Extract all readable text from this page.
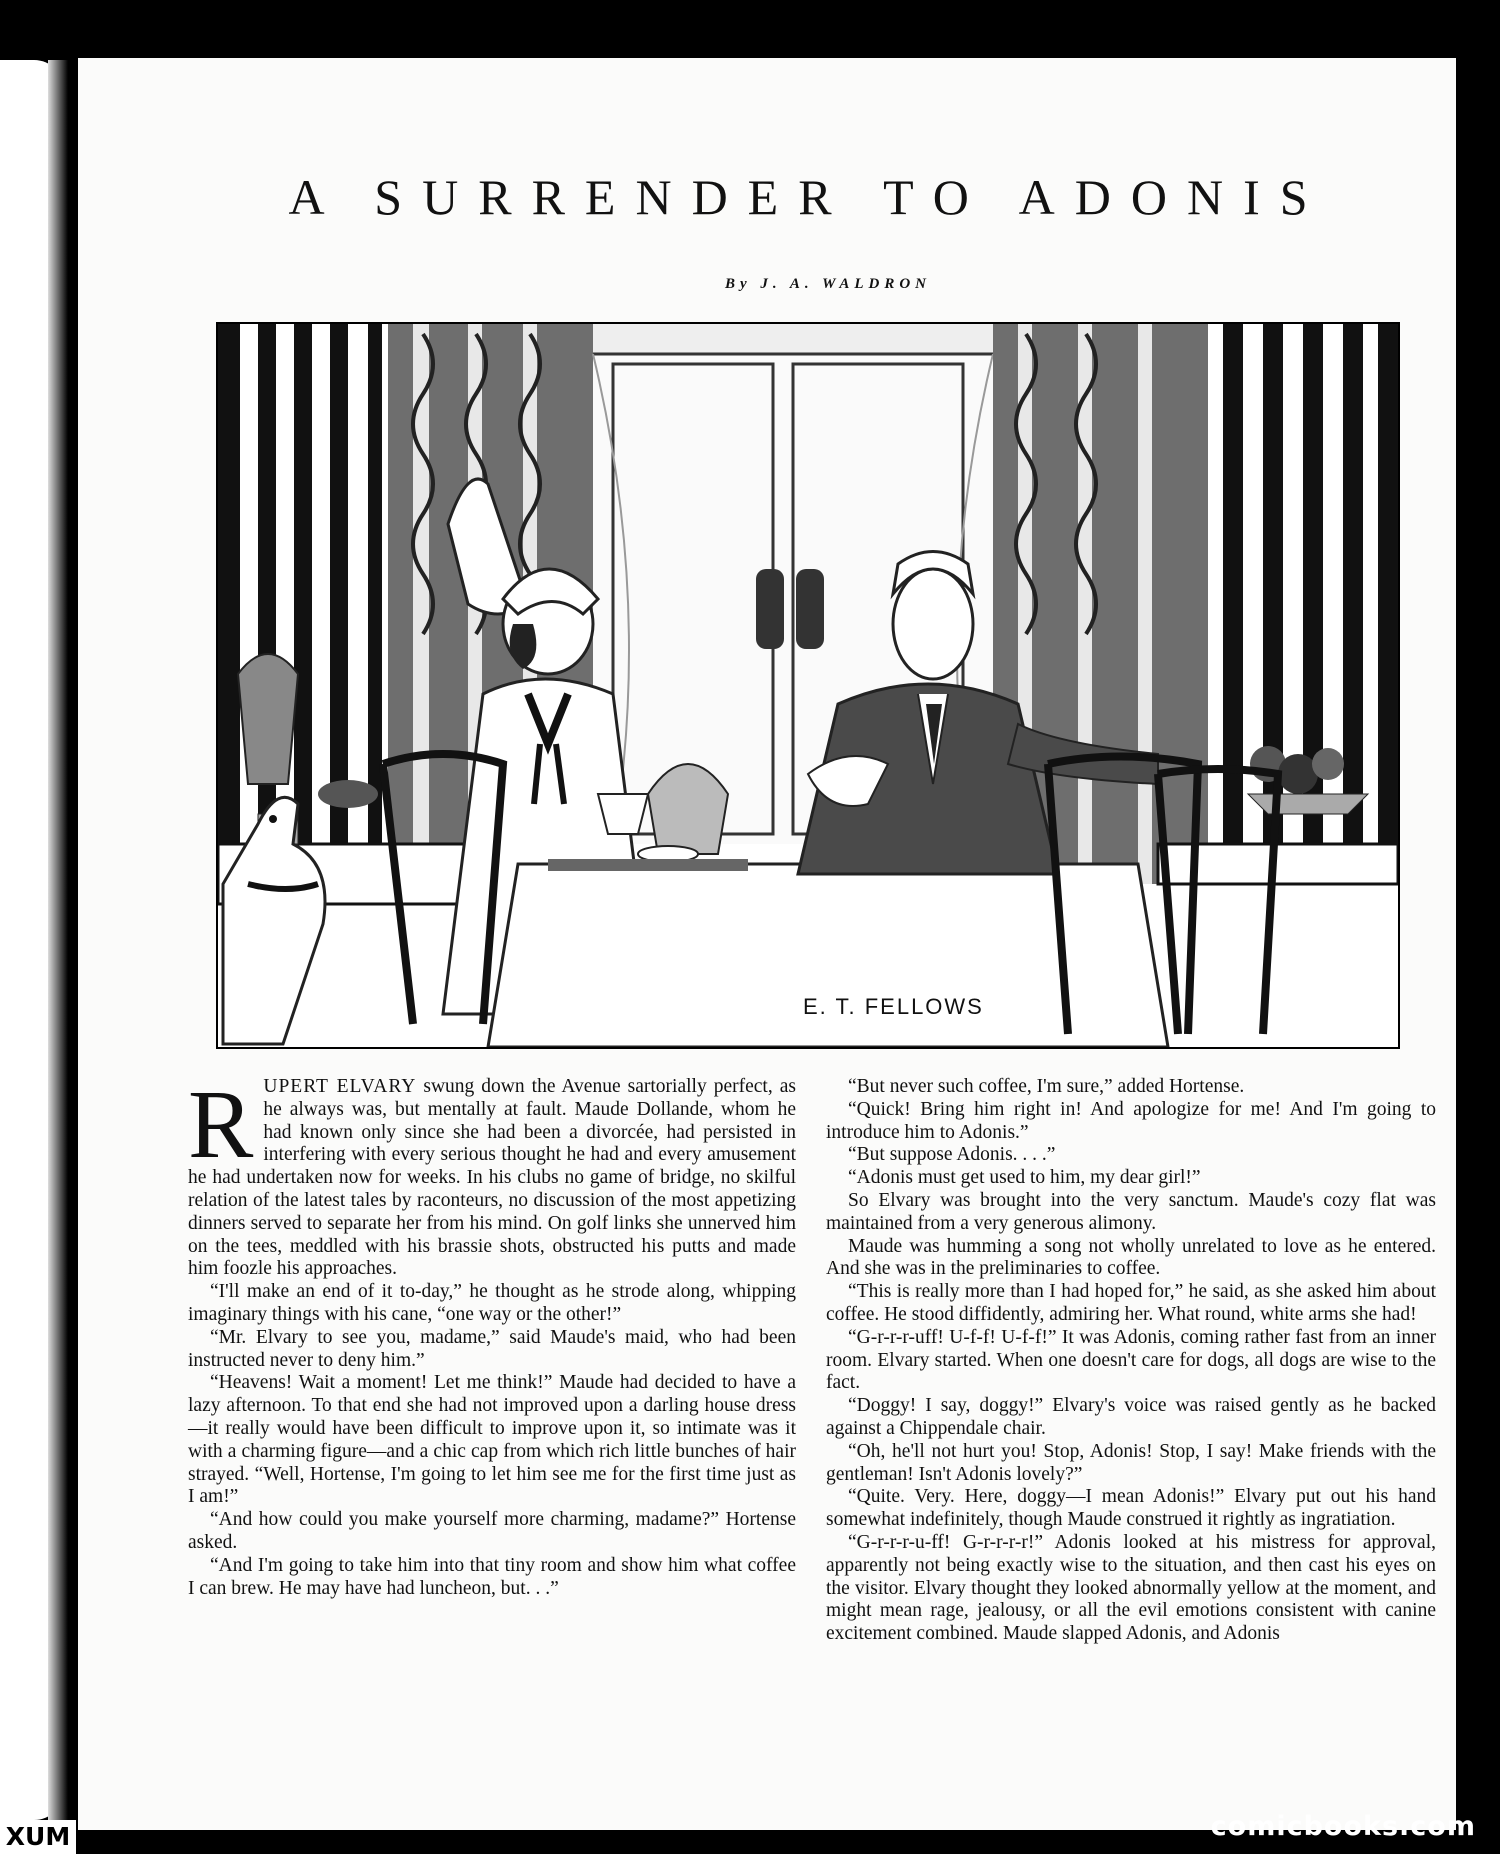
A SURRENDER TO ADONIS
By J. A. WALDRON
E. T. FELLOWS

RUPERT ELVARY swung down the Avenue sartorially perfect, as he always was, but mentally at fault. Maude Dollande, whom he had known only since she had been a divorcée, had persisted in interfering with every serious thought he had and every amusement he had undertaken now for weeks. In his clubs no game of bridge, no skilful relation of the latest tales by raconteurs, no discussion of the most appetizing dinners served to separate her from his mind. On golf links she unnerved him on the tees, meddled with his brassie shots, obstructed his putts and made him foozle his approaches.

“I'll make an end of it to-day,” he thought as he strode along, whipping imaginary things with his cane, “one way or the other!”

“Mr. Elvary to see you, madame,” said Maude's maid, who had been instructed never to deny him.”

“Heavens! Wait a moment! Let me think!” Maude had decided to have a lazy afternoon. To that end she had not improved upon a darling house dress—it really would have been difficult to improve upon it, so intimate was it with a charming figure—and a chic cap from which rich little bunches of hair strayed. “Well, Hortense, I'm going to let him see me for the first time just as I am!”

“And how could you make yourself more charming, madame?” Hortense asked.

“And I'm going to take him into that tiny room and show him what coffee I can brew. He may have had luncheon, but. . .”

“But never such coffee, I'm sure,” added Hortense.

“Quick! Bring him right in! And apologize for me! And I'm going to introduce him to Adonis.”

“But suppose Adonis. . . .”

“Adonis must get used to him, my dear girl!”

So Elvary was brought into the very sanctum. Maude's cozy flat was maintained from a very generous alimony.

Maude was humming a song not wholly unrelated to love as he entered. And she was in the preliminaries to coffee.

“This is really more than I had hoped for,” he said, as she asked him about coffee. He stood diffidently, admiring her. What round, white arms she had!

“G-r-r-r-uff! U-f-f! U-f-f!” It was Adonis, coming rather fast from an inner room. Elvary started. When one doesn't care for dogs, all dogs are wise to the fact.

“Doggy! I say, doggy!” Elvary's voice was raised gently as he backed against a Chippendale chair.

“Oh, he'll not hurt you! Stop, Adonis! Stop, I say! Make friends with the gentleman! Isn't Adonis lovely?”

“Quite. Very. Here, doggy—I mean Adonis!” Elvary put out his hand somewhat indefinitely, though Maude construed it rightly as ingratiation.

“G-r-r-r-u-ff! G-r-r-r-r!” Adonis looked at his mistress for approval, apparently not being exactly wise to the situation, and then cast his eyes on the visitor. Elvary thought they looked abnormally yellow at the moment, and might mean rage, jealousy, or all the evil emotions consistent with canine excitement combined. Maude slapped Adonis, and Adonis

comicbooks.com
XUM
